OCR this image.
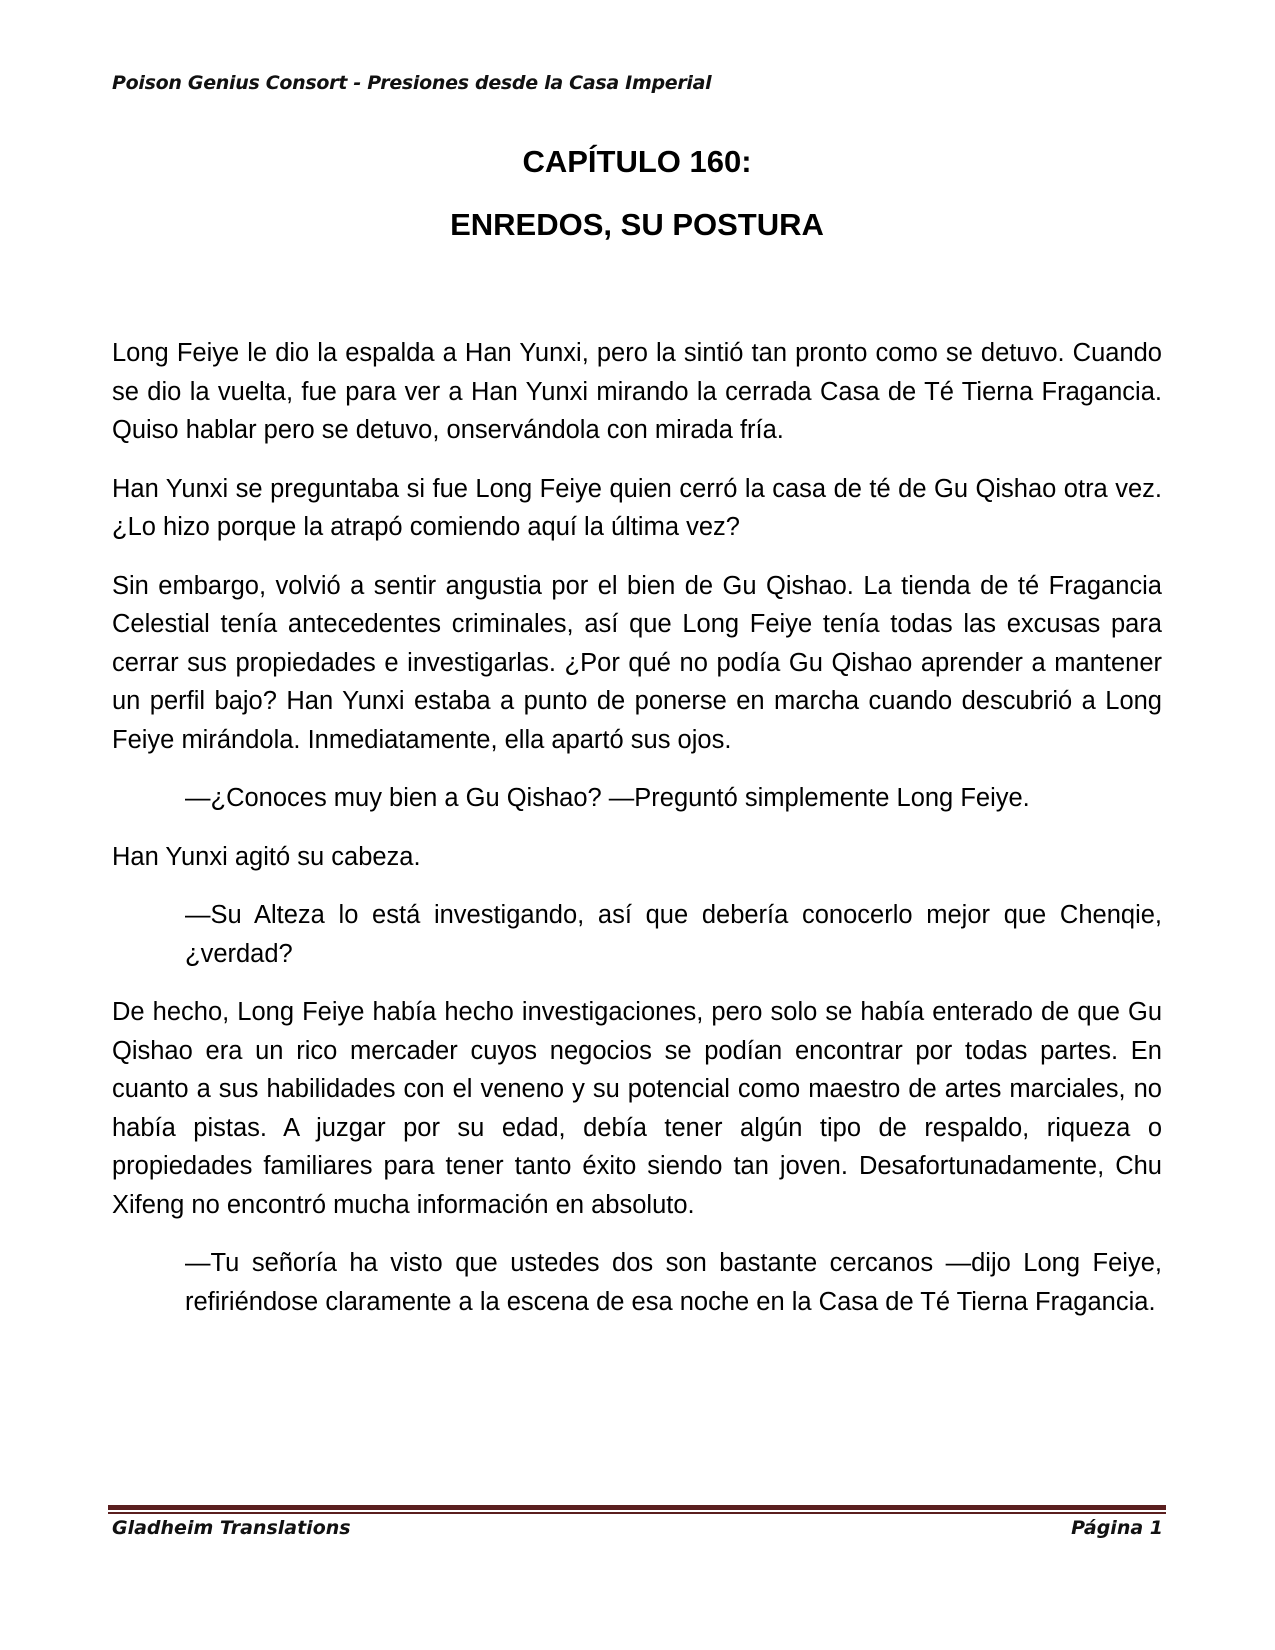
Poison Genius Consort - Presiones desde la Casa Imperial
CAPÍTULO 160:
ENREDOS, SU POSTURA

Long Feiye le dio la espalda a Han Yunxi, pero la sintió tan pronto como se detuvo. Cuando se dio la vuelta, fue para ver a Han Yunxi mirando la cerrada Casa de Té Tierna Fragancia. Quiso hablar pero se detuvo, onservándola con mirada fría.

Han Yunxi se preguntaba si fue Long Feiye quien cerró la casa de té de Gu Qishao otra vez. ¿Lo hizo porque la atrapó comiendo aquí la última vez?

Sin embargo, volvió a sentir angustia por el bien de Gu Qishao. La tienda de té Fragancia Celestial tenía antecedentes criminales, así que Long Feiye tenía todas las excusas para cerrar sus propiedades e investigarlas. ¿Por qué no podía Gu Qishao aprender a mantener un perfil bajo? Han Yunxi estaba a punto de ponerse en marcha cuando descubrió a Long Feiye mirándola. Inmediatamente, ella apartó sus ojos.

—¿Conoces muy bien a Gu Qishao? —Preguntó simplemente Long Feiye.

Han Yunxi agitó su cabeza.

—Su Alteza lo está investigando, así que debería conocerlo mejor que Chenqie, ¿verdad?

De hecho, Long Feiye había hecho investigaciones, pero solo se había enterado de que Gu Qishao era un rico mercader cuyos negocios se podían encontrar por todas partes. En cuanto a sus habilidades con el veneno y su potencial como maestro de artes marciales, no había pistas. A juzgar por su edad, debía tener algún tipo de respaldo, riqueza o propiedades familiares para tener tanto éxito siendo tan joven. Desafortunadamente, Chu Xifeng no encontró mucha información en absoluto.

—Tu señoría ha visto que ustedes dos son bastante cercanos —dijo Long Feiye, refiriéndose claramente a la escena de esa noche en la Casa de Té Tierna Fragancia.

Gladheim Translations	Página 1
